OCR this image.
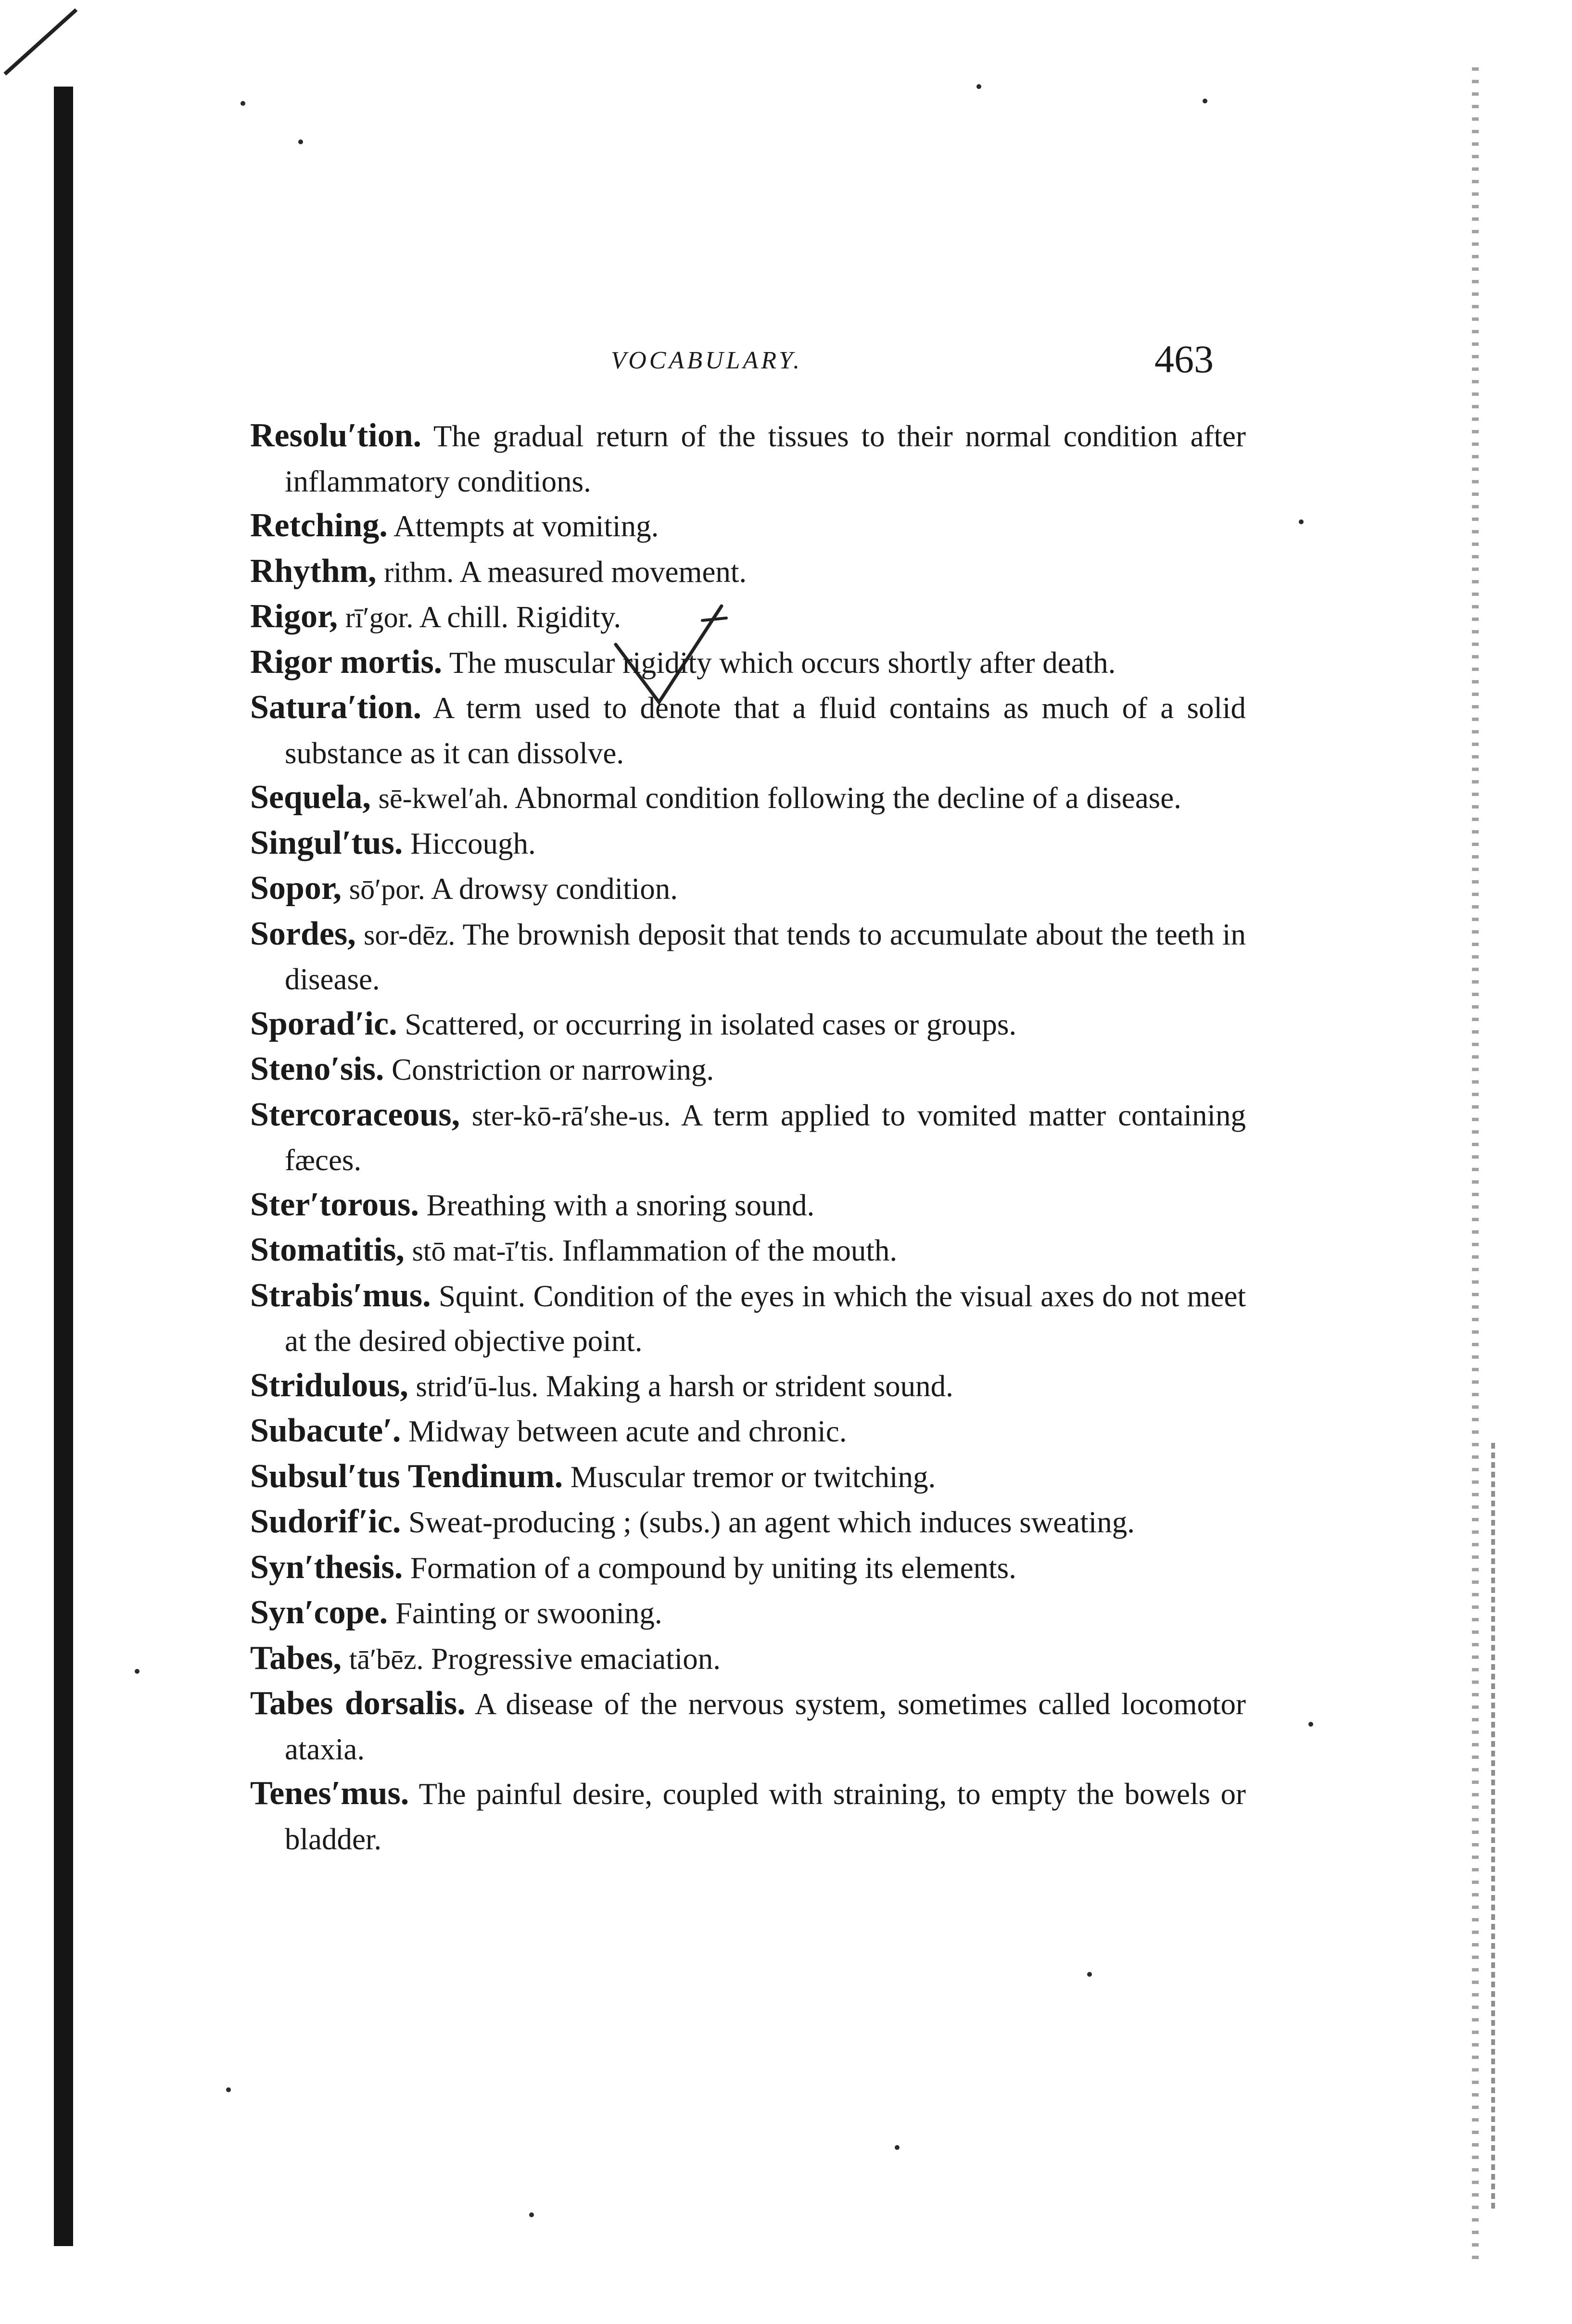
VOCABULARY.	463

Resolu′tion. The gradual return of the tissues to their normal condition after inflammatory conditions.

Retching. Attempts at vomiting.

Rhythm, rithm. A measured movement.

Rigor, rī′gor. A chill. Rigidity.

Rigor mortis. The muscular rigidity which occurs shortly after death.

Satura′tion. A term used to denote that a fluid contains as much of a solid substance as it can dissolve.

Sequela, sē-kwel′ah. Abnormal condition following the decline of a disease.

Singul′tus. Hiccough.

Sopor, sō′por. A drowsy condition.

Sordes, sor-dēz. The brownish deposit that tends to accumulate about the teeth in disease.

Sporad′ic. Scattered, or occurring in isolated cases or groups.

Steno′sis. Constriction or narrowing.

Stercoraceous, ster-kō-rā′she-us. A term applied to vomited matter containing fæces.

Ster′torous. Breathing with a snoring sound.

Stomatitis, stō mat-ī′tis. Inflammation of the mouth.

Strabis′mus. Squint. Condition of the eyes in which the visual axes do not meet at the desired objective point.

Stridulous, strid′ū-lus. Making a harsh or strident sound.

Subacute′. Midway between acute and chronic.

Subsul′tus Tendinum. Muscular tremor or twitching.

Sudorif′ic. Sweat-producing ; (subs.) an agent which induces sweating.

Syn′thesis. Formation of a compound by uniting its elements.

Syn′cope. Fainting or swooning.

Tabes, tā′bēz. Progressive emaciation.

Tabes dorsalis. A disease of the nervous system, sometimes called locomotor ataxia.

Tenes′mus. The painful desire, coupled with straining, to empty the bowels or bladder.
